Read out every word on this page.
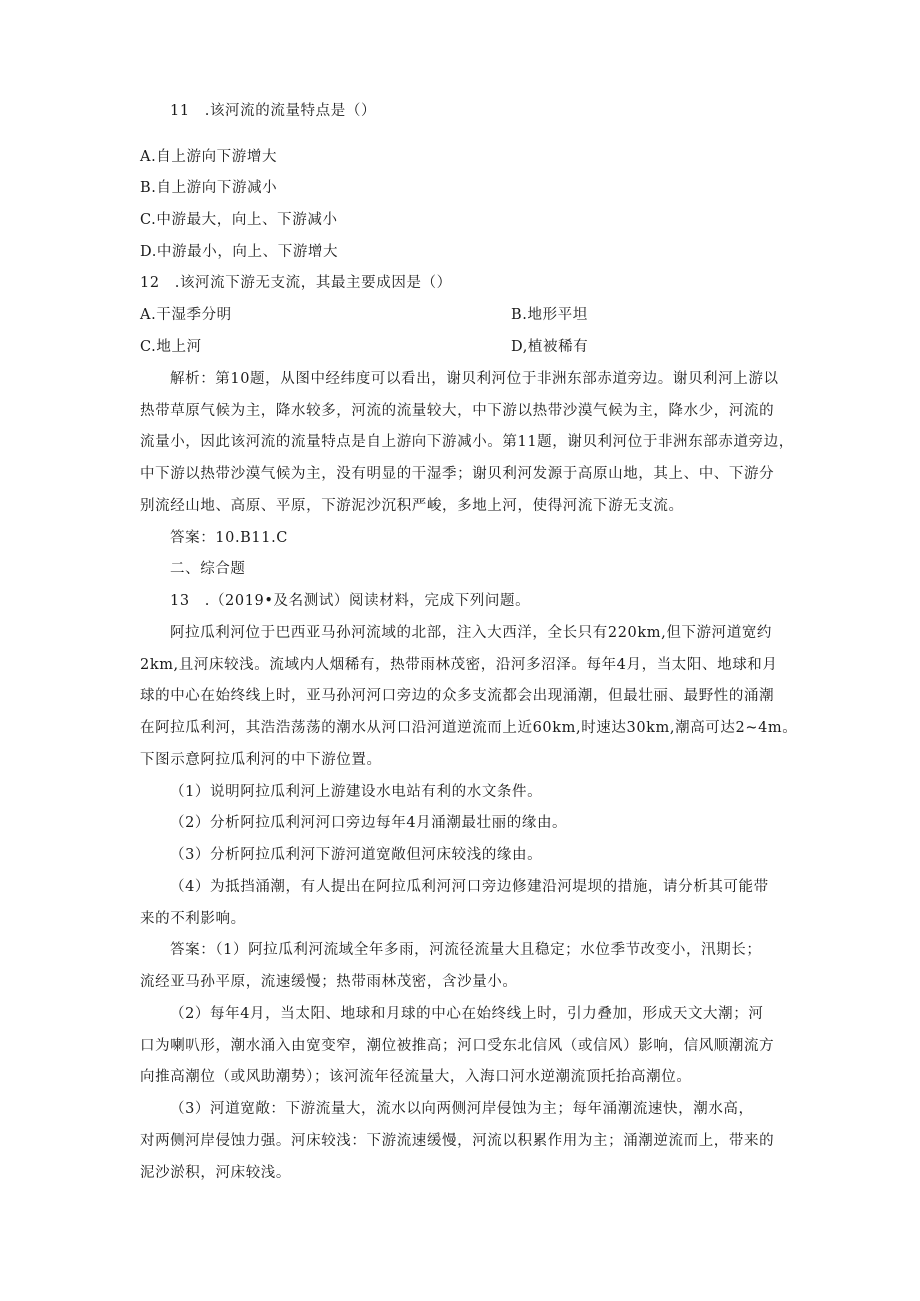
11　.该河流的流量特点是（）
A.自上游向下游增大
B.自上游向下游减小
C.中游最大，向上、下游减小
D.中游最小，向上、下游增大
12　.该河流下游无支流，其最主要成因是（）
A.干湿季分明	B.地形平坦
C.地上河	D,植被稀有
解析：第10题，从图中经纬度可以看出，谢贝利河位于非洲东部赤道旁边。谢贝利河上游以
热带草原气候为主，降水较多，河流的流量较大，中下游以热带沙漠气候为主，降水少，河流的
流量小，因此该河流的流量特点是自上游向下游减小。第11题，谢贝利河位于非洲东部赤道旁边，
中下游以热带沙漠气候为主，没有明显的干湿季；谢贝利河发源于高原山地，其上、中、下游分
别流经山地、高原、平原，下游泥沙沉积严峻，多地上河，使得河流下游无支流。
答案：10.B11.C
二、综合题
13　.（2019•及名测试）阅读材料，完成下列问题。
阿拉瓜利河位于巴西亚马孙河流域的北部，注入大西洋，全长只有220km,但下游河道宽约
2km,且河床较浅。流域内人烟稀有，热带雨林茂密，沿河多沼泽。每年4月，当太阳、地球和月
球的中心在始终线上时，亚马孙河河口旁边的众多支流都会出现涌潮，但最壮丽、最野性的涌潮
在阿拉瓜利河，其浩浩荡荡的潮水从河口沿河道逆流而上近60km,时速达30km,潮高可达2~4m。
下图示意阿拉瓜利河的中下游位置。
（1）说明阿拉瓜利河上游建设水电站有利的水文条件。
（2）分析阿拉瓜利河河口旁边每年4月涌潮最壮丽的缘由。
（3）分析阿拉瓜利河下游河道宽敞但河床较浅的缘由。
（4）为抵挡涌潮，有人提出在阿拉瓜利河河口旁边修建沿河堤坝的措施，请分析其可能带
来的不利影响。
答案：（1）阿拉瓜利河流域全年多雨，河流径流量大且稳定；水位季节改变小，汛期长；
流经亚马孙平原，流速缓慢；热带雨林茂密，含沙量小。
（2）每年4月，当太阳、地球和月球的中心在始终线上时，引力叠加，形成天文大潮；河
口为喇叭形，潮水涌入由宽变窄，潮位被推高；河口受东北信风（或信风）影响，信风顺潮流方
向推高潮位（或风助潮势）；该河流年径流量大，入海口河水逆潮流顶托抬高潮位。
（3）河道宽敞：下游流量大，流水以向两侧河岸侵蚀为主；每年涌潮流速快，潮水高，
对两侧河岸侵蚀力强。河床较浅：下游流速缓慢，河流以积累作用为主；涌潮逆流而上，带来的
泥沙淤积，河床较浅。
